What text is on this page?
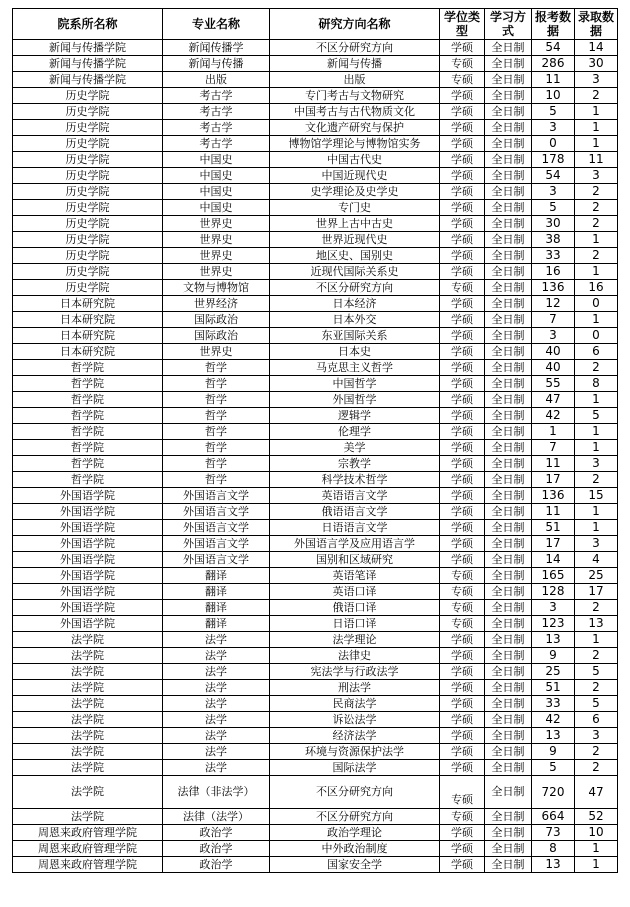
院系所名称	专业名称	研究方向名称	学位类型	学习方式	报考数据	录取数据
新闻与传播学院	新闻传播学	不区分研究方向	学硕	全日制	54	14
新闻与传播学院	新闻与传播	新闻与传播	专硕	全日制	286	30
新闻与传播学院	出版	出版	专硕	全日制	11	3
历史学院	考古学	专门考古与文物研究	学硕	全日制	10	2
历史学院	考古学	中国考古与古代物质文化	学硕	全日制	5	1
历史学院	考古学	文化遗产研究与保护	学硕	全日制	3	1
历史学院	考古学	博物馆学理论与博物馆实务	学硕	全日制	0	1
历史学院	中国史	中国古代史	学硕	全日制	178	11
历史学院	中国史	中国近现代史	学硕	全日制	54	3
历史学院	中国史	史学理论及史学史	学硕	全日制	3	2
历史学院	中国史	专门史	学硕	全日制	5	2
历史学院	世界史	世界上古中古史	学硕	全日制	30	2
历史学院	世界史	世界近现代史	学硕	全日制	38	1
历史学院	世界史	地区史、国别史	学硕	全日制	33	2
历史学院	世界史	近现代国际关系史	学硕	全日制	16	1
历史学院	文物与博物馆	不区分研究方向	专硕	全日制	136	16
日本研究院	世界经济	日本经济	学硕	全日制	12	0
日本研究院	国际政治	日本外交	学硕	全日制	7	1
日本研究院	国际政治	东亚国际关系	学硕	全日制	3	0
日本研究院	世界史	日本史	学硕	全日制	40	6
哲学院	哲学	马克思主义哲学	学硕	全日制	40	2
哲学院	哲学	中国哲学	学硕	全日制	55	8
哲学院	哲学	外国哲学	学硕	全日制	47	1
哲学院	哲学	逻辑学	学硕	全日制	42	5
哲学院	哲学	伦理学	学硕	全日制	1	1
哲学院	哲学	美学	学硕	全日制	7	1
哲学院	哲学	宗教学	学硕	全日制	11	3
哲学院	哲学	科学技术哲学	学硕	全日制	17	2
外国语学院	外国语言文学	英语语言文学	学硕	全日制	136	15
外国语学院	外国语言文学	俄语语言文学	学硕	全日制	11	1
外国语学院	外国语言文学	日语语言文学	学硕	全日制	51	1
外国语学院	外国语言文学	外国语言学及应用语言学	学硕	全日制	17	3
外国语学院	外国语言文学	国别和区域研究	学硕	全日制	14	4
外国语学院	翻译	英语笔译	专硕	全日制	165	25
外国语学院	翻译	英语口译	专硕	全日制	128	17
外国语学院	翻译	俄语口译	专硕	全日制	3	2
外国语学院	翻译	日语口译	专硕	全日制	123	13
法学院	法学	法学理论	学硕	全日制	13	1
法学院	法学	法律史	学硕	全日制	9	2
法学院	法学	宪法学与行政法学	学硕	全日制	25	5
法学院	法学	刑法学	学硕	全日制	51	2
法学院	法学	民商法学	学硕	全日制	33	5
法学院	法学	诉讼法学	学硕	全日制	42	6
法学院	法学	经济法学	学硕	全日制	13	3
法学院	法学	环境与资源保护法学	学硕	全日制	9	2
法学院	法学	国际法学	学硕	全日制	5	2
法学院	法律（非法学）	不区分研究方向	专硕	全日制	720	47
法学院	法律（法学）	不区分研究方向	专硕	全日制	664	52
周恩来政府管理学院	政治学	政治学理论	学硕	全日制	73	10
周恩来政府管理学院	政治学	中外政治制度	学硕	全日制	8	1
周恩来政府管理学院	政治学	国家安全学	学硕	全日制	13	1
